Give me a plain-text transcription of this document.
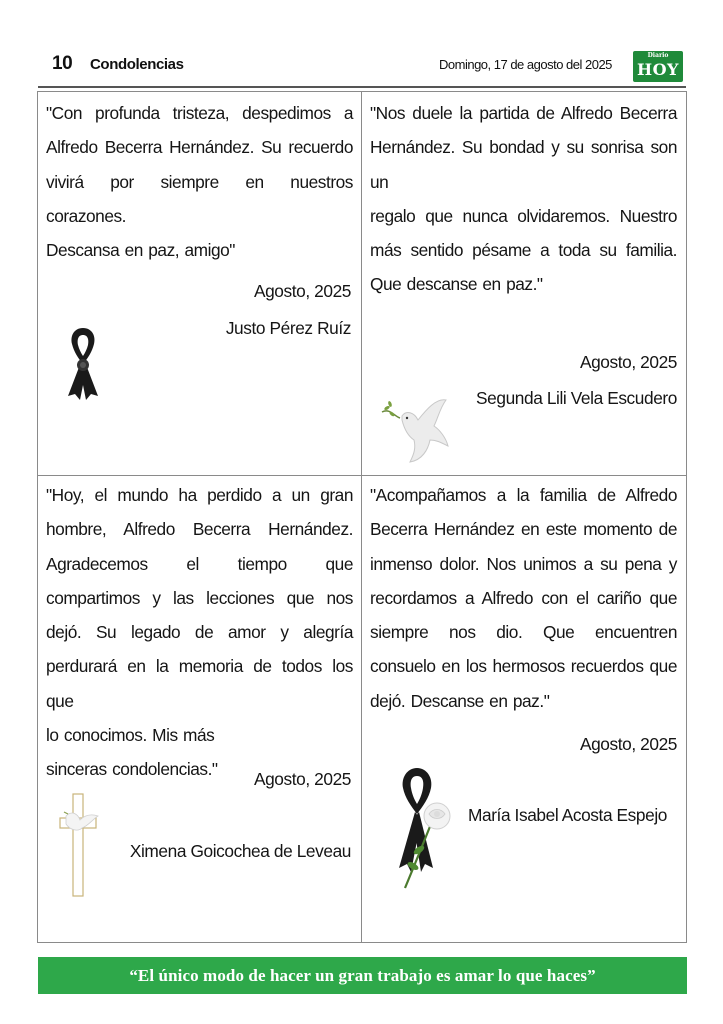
10 Condolencias	Domingo, 17 de agosto del 2025
Diario
HOY
"Con profunda tristeza, despedimos a
Alfredo Becerra Hernández. Su recuerdo
vivirá por siempre en nuestros corazones.
Descansa en paz, amigo"
Agosto, 2025
Justo Pérez Ruíz
"Nos duele la partida de Alfredo Becerra
Hernández. Su bondad y su sonrisa son un
regalo que nunca olvidaremos. Nuestro
más sentido pésame a toda su familia.
Que descanse en paz."
Agosto, 2025
Segunda Lili Vela Escudero
"Hoy, el mundo ha perdido a un gran
hombre, Alfredo Becerra Hernández.
Agradecemos el tiempo que
compartimos y las lecciones que nos
dejó. Su legado de amor y alegría
perdurará en la memoria de todos los que
lo conocimos. Mis más
sinceras condolencias."	Agosto, 2025
Ximena Goicochea de Leveau
"Acompañamos a la familia de Alfredo
Becerra Hernández en este momento de
inmenso dolor. Nos unimos a su pena y
recordamos a Alfredo con el cariño que
siempre nos dio. Que encuentren
consuelo en los hermosos recuerdos que
dejó. Descanse en paz."
Agosto, 2025
María Isabel Acosta Espejo
“El único modo de hacer un gran trabajo es amar lo que haces”
